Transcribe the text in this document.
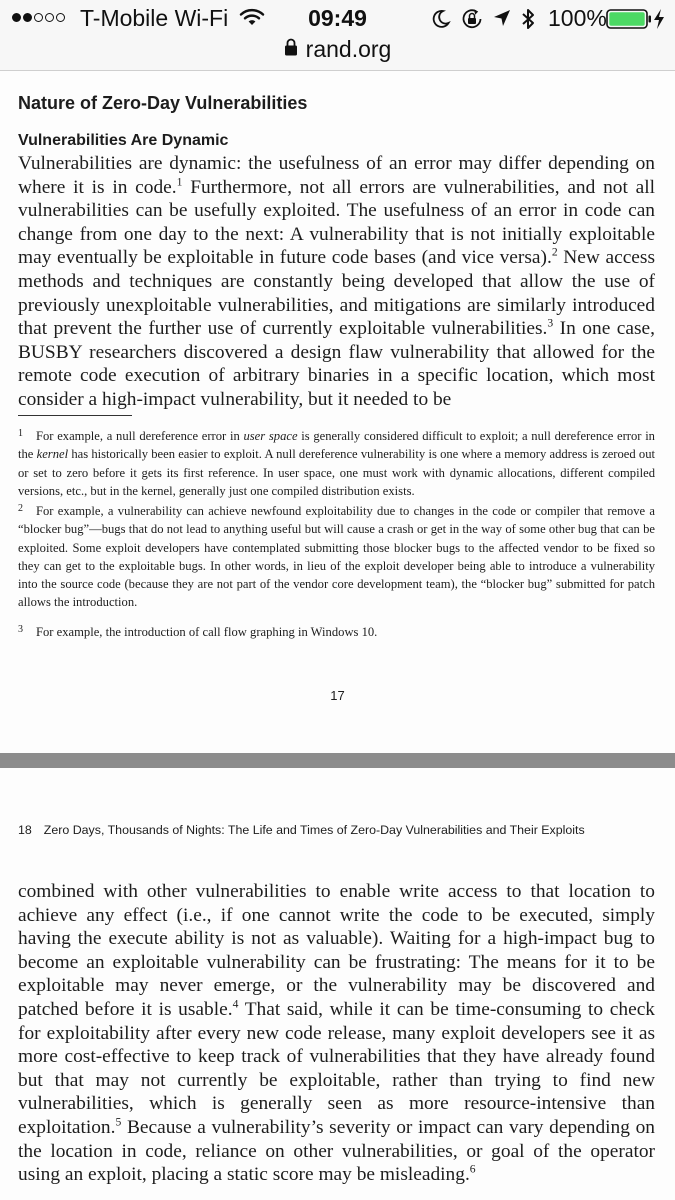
T-Mobile Wi-Fi	09:49	100%
rand.org
Nature of Zero-Day Vulnerabilities
Vulnerabilities Are Dynamic

Vulnerabilities are dynamic: the usefulness of an error may differ depending on where it is in code.$^1$ Furthermore, not all errors are vulnerabilities, and not all vulnerabilities can be usefully exploited. The usefulness of an error in code can change from one day to the next: A vulnerability that is not initially exploitable may eventually be exploitable in future code bases (and vice versa).$^2$ New access methods and techniques are constantly being developed that allow the use of previously unexploitable vulnerabilities, and mitigations are similarly introduced that prevent the further use of currently exploitable vulnerabilities.$^3$ In one case, BUSBY researchers discovered a design flaw vulnerability that allowed for the remote code execution of arbitrary binaries in a specific location, which most consider a high-impact vulnerability, but it needed to be

1 For example, a null dereference error in user space is generally considered difficult to exploit; a null dereference error in the kernel has historically been easier to exploit. A null dereference vulnerability is one where a memory address is zeroed out or set to zero before it gets its first reference. In user space, one must work with dynamic allocations, different compiled versions, etc., but in the kernel, generally just one compiled distribution exists.

2 For example, a vulnerability can achieve newfound exploitability due to changes in the code or compiler that remove a “blocker bug”—bugs that do not lead to anything useful but will cause a crash or get in the way of some other bug that can be exploited. Some exploit developers have contemplated submitting those blocker bugs to the affected vendor to be fixed so they can get to the exploitable bugs. In other words, in lieu of the exploit developer being able to introduce a vulnerability into the source code (because they are not part of the vendor core development team), the “blocker bug” submitted for patch allows the introduction.

3 For example, the introduction of call flow graphing in Windows 10.

17

18 Zero Days, Thousands of Nights: The Life and Times of Zero-Day Vulnerabilities and Their Exploits

combined with other vulnerabilities to enable write access to that location to achieve any effect (i.e., if one cannot write the code to be executed, simply having the execute ability is not as valuable). Waiting for a high-impact bug to become an exploitable vulnerability can be frustrating: The means for it to be exploitable may never emerge, or the vulnerability may be discovered and patched before it is usable.$^4$ That said, while it can be time-consuming to check for exploitability after every new code release, many exploit developers see it as more cost-effective to keep track of vulnerabilities that they have already found but that may not currently be exploitable, rather than trying to find new vulnerabilities, which is generally seen as more resource-intensive than exploitation.$^5$ Because a vulnerability’s severity or impact can vary depending on the location in code, reliance on other vulnerabilities, or goal of the operator using an exploit, placing a static score may be misleading.$^6$
